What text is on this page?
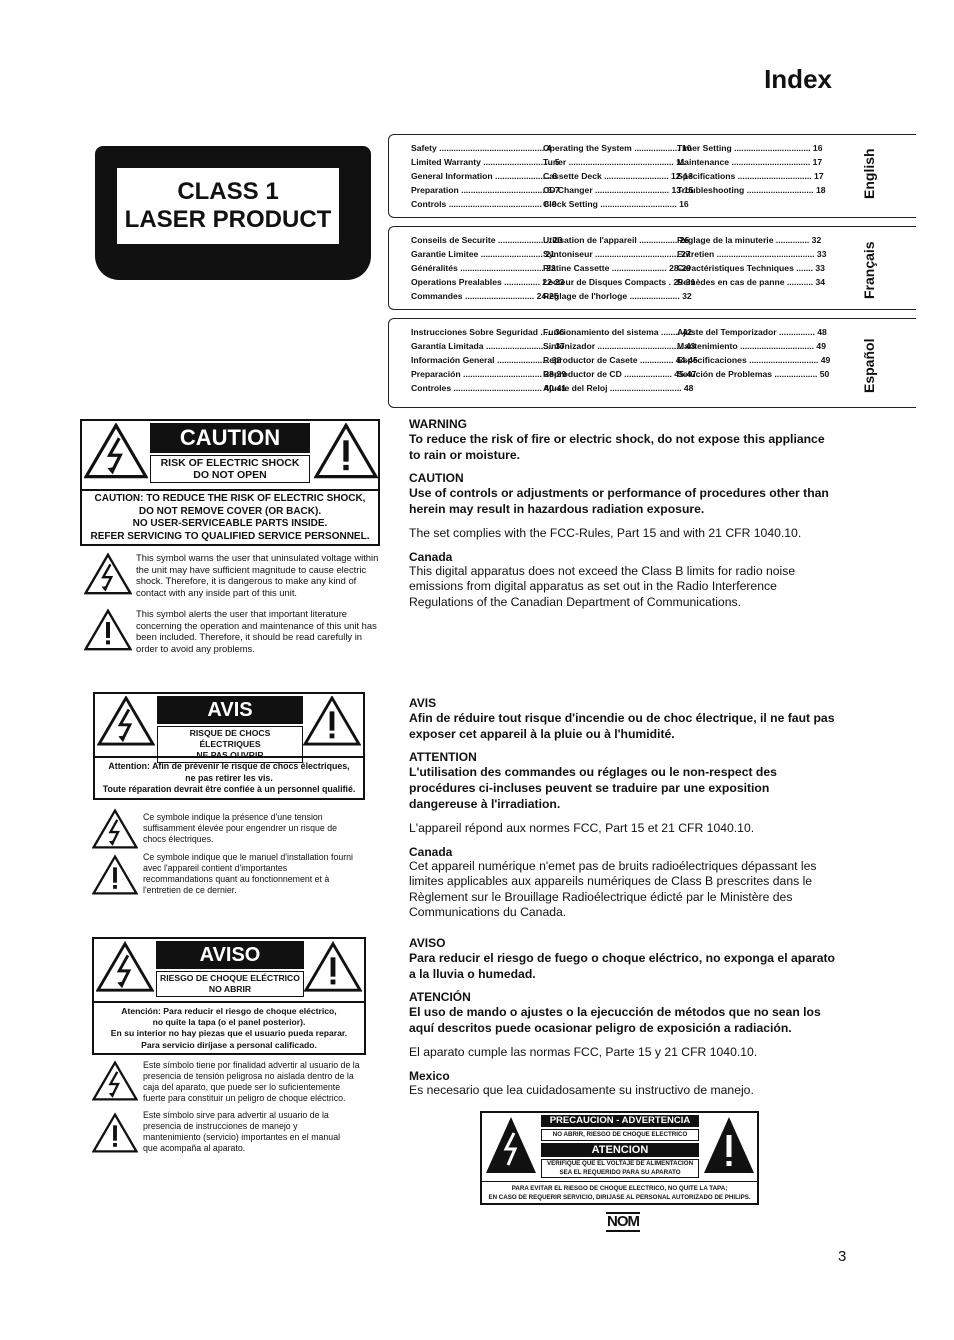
Index
CLASS 1
LASER PRODUCT
Safety ............................................ 4
Limited Warranty ............................. 5
General Information ....................... 6
Preparation ................................... 6-7
Controls ....................................... 8-9
Operating the System ................... 10
Tuner ............................................ 11
Cassette Deck ........................... 12-13
CD Changer ............................... 13-15
Clock Setting ................................ 16
Timer Setting ................................ 16
Maintenance ................................. 17
Specifications ............................... 17
Troubleshooting ............................ 18	English
Conseils de Securite ...................... 20
Garantie Limitee .......................... 21
Généralités ................................... 22
Operations Prealables ............... 22-23
Commandes ............................. 24-25
Utilisation de l'appareil ................ 26
Syntoniseur ................................... 27
Platine Cassette ....................... 28-29
Lecteur de Disques Compacts . 29-31
Reglage de l'horloge ..................... 32
Réglage de la minuterie .............. 32
Entretien ......................................... 33
Caractéristiques Techniques ....... 33
Remèdes en cas de panne ........... 34	Français
Instrucciones Sobre Seguridad ..... 36
Garantía Limitada ............................ 37
Información General ...................... 38
Preparación ................................. 38-39
Controles ..................................... 40-41
Funcionamiento del sistema ........ 42
Sintonizador .................................... 43
Reproductor de Casete .............. 44-45
Reproductor de CD .................... 45-47
Ajuste del Reloj .............................. 48
Ajuste del Temporizador ............... 48
Mantenimiento ............................... 49
Especificaciones ............................. 49
Solución de Problemas .................. 50 Español
CAUTION
RISK OF ELECTRIC SHOCK
DO NOT OPEN
CAUTION: TO REDUCE THE RISK OF ELECTRIC SHOCK,
DO NOT REMOVE COVER (OR BACK).
NO USER-SERVICEABLE PARTS INSIDE.
REFER SERVICING TO QUALIFIED SERVICE PERSONNEL.
This symbol warns the user that uninsulated voltage within the unit may have sufficient magnitude to cause electric shock. Therefore, it is dangerous to make any kind of contact with any inside part of this unit.
This symbol alerts the user that important literature concerning the operation and maintenance of this unit has been included. Therefore, it should be read carefully in order to avoid any problems.
AVIS
RISQUE DE CHOCS ÉLECTRIQUES
NE PAS OUVRIR
Attention: Afin de prévenir le risque de chocs électriques,
ne pas retirer les vis.
Toute réparation devrait être confiée à un personnel qualifié.
Ce symbole indique la présence d'une tension suffisamment élevée pour engendrer un risque de chocs électriques.
Ce symbole indique que le manuel d'installation fourni avec l'appareil contient d'importantes recommandations quant au fonctionnement et à l'entretien de ce dernier.
AVISO
RIESGO DE CHOQUE ELÉCTRICO
NO ABRIR
Atención: Para reducir el riesgo de choque eléctrico,
no quite la tapa (o el panel posterior).
En su interior no hay piezas que el usuario pueda reparar.
Para servicio diríjase a personal calificado.
Este símbolo tiene por finalidad advertir al usuario de la presencia de tensión peligrosa no aislada dentro de la caja del aparato, que puede ser lo suficientemente fuerte para constituir un peligro de choque eléctrico.
Este símbolo sirve para advertir al usuario de la presencia de instrucciones de manejo y mantenimiento (servicio) importantes en el manual que acompaña al aparato.
WARNING
To reduce the risk of fire or electric shock, do not expose this appliance to rain or moisture.
CAUTION
Use of controls or adjustments or performance of procedures other than herein may result in hazardous radiation exposure.
The set complies with the FCC-Rules, Part 15 and with 21 CFR 1040.10.
Canada
This digital apparatus does not exceed the Class B limits for radio noise emissions from digital apparatus as set out in the Radio Interference Regulations of the Canadian Department of Communications.
AVIS
Afin de réduire tout risque d'incendie ou de choc électrique, il ne faut pas exposer cet appareil à la pluie ou à l'humidité.
ATTENTION
L'utilisation des commandes ou réglages ou le non-respect des procédures ci-incluses peuvent se traduire par une exposition dangereuse à l'irradiation.
L'appareil répond aux normes FCC, Part 15 et 21 CFR 1040.10.
Canada
Cet appareil numérique n'emet pas de bruits radioélectriques dépassant les limites applicables aux appareils numériques de Class B prescrites dans le Règlement sur le Brouillage Radioélectrique édicté par le Ministère des Communications du Canada.
AVISO
Para reducir el riesgo de fuego o choque eléctrico, no exponga el aparato a la lluvia o humedad.
ATENCIÓN
El uso de mando o ajustes o la ejecucción de métodos que no sean los aquí descritos puede ocasionar peligro de exposición a radiación.
El aparato cumple las normas FCC, Parte 15 y 21 CFR 1040.10.
Mexico
Es necesario que lea cuidadosamente su instructivo de manejo.
PRECAUCION - ADVERTENCIA
NO ABRIR, RIESGO DE CHOQUE ELECTRICO
ATENCION
VERIFIQUE QUE EL VOLTAJE DE ALIMENTACION
SEA EL REQUERIDO PARA SU APARATO
PARA EVITAR EL RIESGO DE CHOQUE ELECTRICO, NO QUITE LA TAPA;
EN CASO DE REQUERIR SERVICIO, DIRIJASE AL PERSONAL AUTORIZADO DE PHILIPS.
NOM
3
